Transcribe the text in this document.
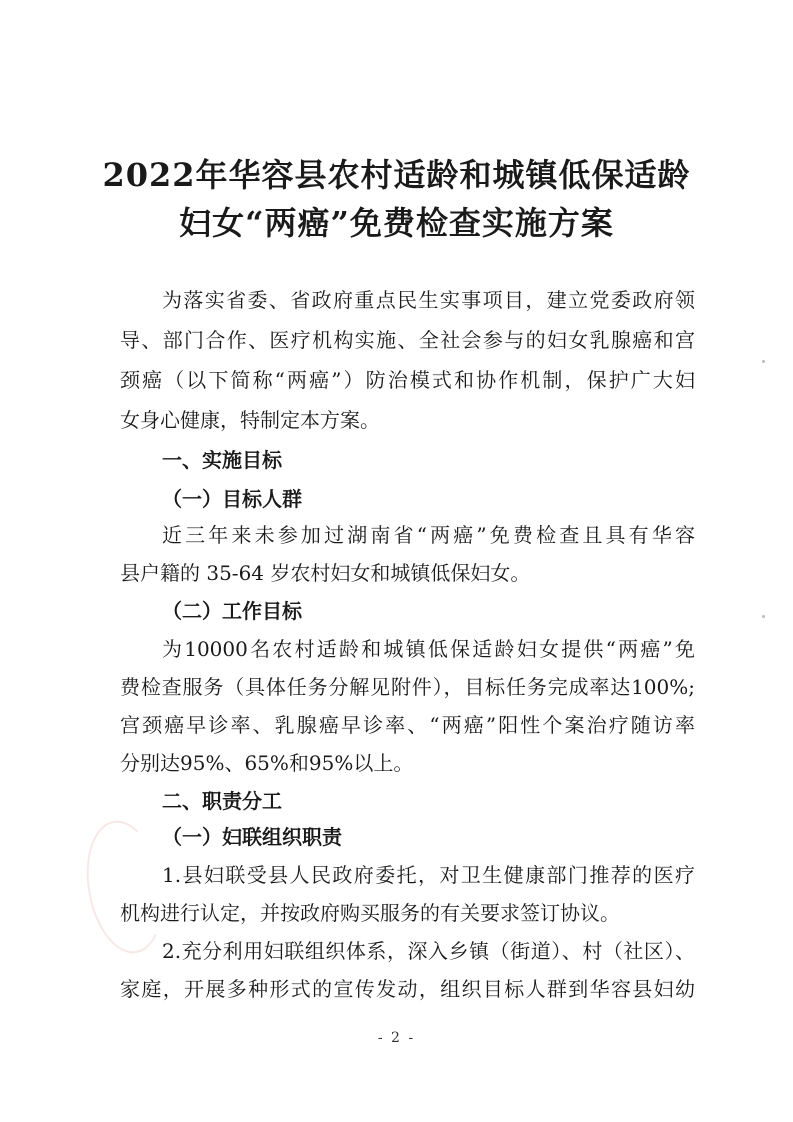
2022年华容县农村适龄和城镇低保适龄
妇女“两癌”免费检查实施方案
为落实省委、省政府重点民生实事项目，建立党委政府领
导、部门合作、医疗机构实施、全社会参与的妇女乳腺癌和宫
颈癌（以下简称“两癌”）防治模式和协作机制，保护广大妇
女身心健康，特制定本方案。
一、实施目标
（一）目标人群
近三年来未参加过湖南省“两癌”免费检查且具有华容
县户籍的 35-64 岁农村妇女和城镇低保妇女。
（二）工作目标
为10000名农村适龄和城镇低保适龄妇女提供“两癌”免
费检查服务（具体任务分解见附件），目标任务完成率达100%;
宫颈癌早诊率、乳腺癌早诊率、“两癌”阳性个案治疗随访率
分别达95%、65%和95%以上。
二、职责分工
（一）妇联组织职责
1.县妇联受县人民政府委托，对卫生健康部门推荐的医疗
机构进行认定，并按政府购买服务的有关要求签订协议。
2.充分利用妇联组织体系，深入乡镇（街道）、村（社区）、
家庭，开展多种形式的宣传发动，组织目标人群到华容县妇幼
- 2 -
